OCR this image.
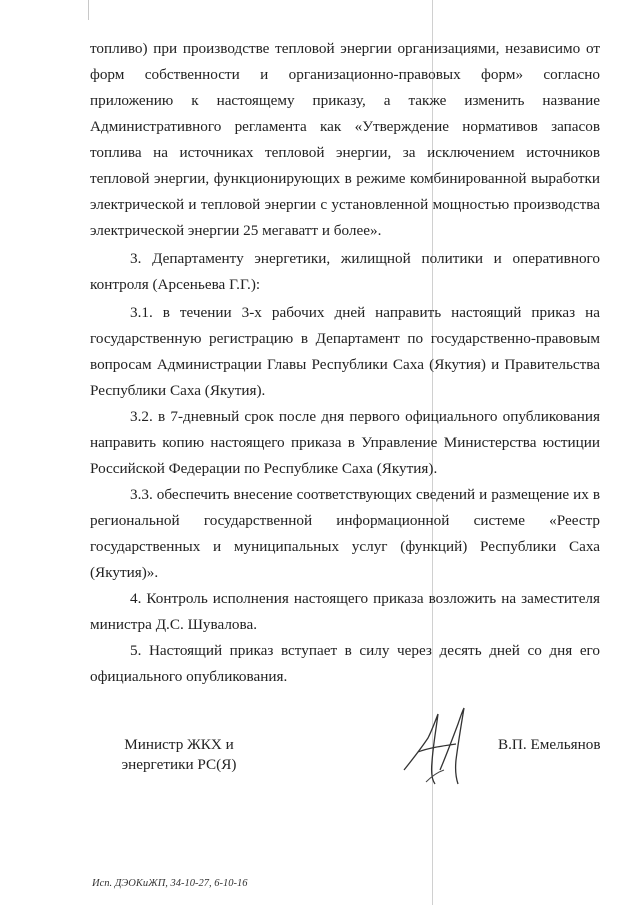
топливо) при производстве тепловой энергии организациями, независимо от
форм собственности и организационно-правовых форм» согласно
приложению к настоящему приказу, а также изменить название
Административного регламента как «Утверждение нормативов запасов
топлива на источниках тепловой энергии, за исключением источников
тепловой энергии, функционирующих в режиме комбинированной выработки
электрической и тепловой энергии с установленной мощностью производства
электрической энергии 25 мегаватт и более».
3. Департаменту энергетики, жилищной политики и оперативного
контроля (Арсеньева Г.Г.):
3.1. в течении 3-х рабочих дней направить настоящий приказ на
государственную регистрацию в Департамент по государственно-правовым
вопросам Администрации Главы Республики Саха (Якутия) и Правительства
Республики Саха (Якутия).
3.2. в 7-дневный срок после дня первого официального опубликования
направить копию настоящего приказа в Управление Министерства юстиции
Российской Федерации по Республике Саха (Якутия).
3.3. обеспечить внесение соответствующих сведений и размещение их в
региональной государственной информационной системе «Реестр
государственных и муниципальных услуг (функций) Республики Саха
(Якутия)».
4. Контроль исполнения настоящего приказа возложить на заместителя
министра Д.С. Шувалова.
5. Настоящий приказ вступает в силу через десять дней со дня его
официального опубликования.
Министр ЖКХ и
энергетики РС(Я)
В.П. Емельянов
Исп. ДЭОКиЖП, 34-10-27, 6-10-16
